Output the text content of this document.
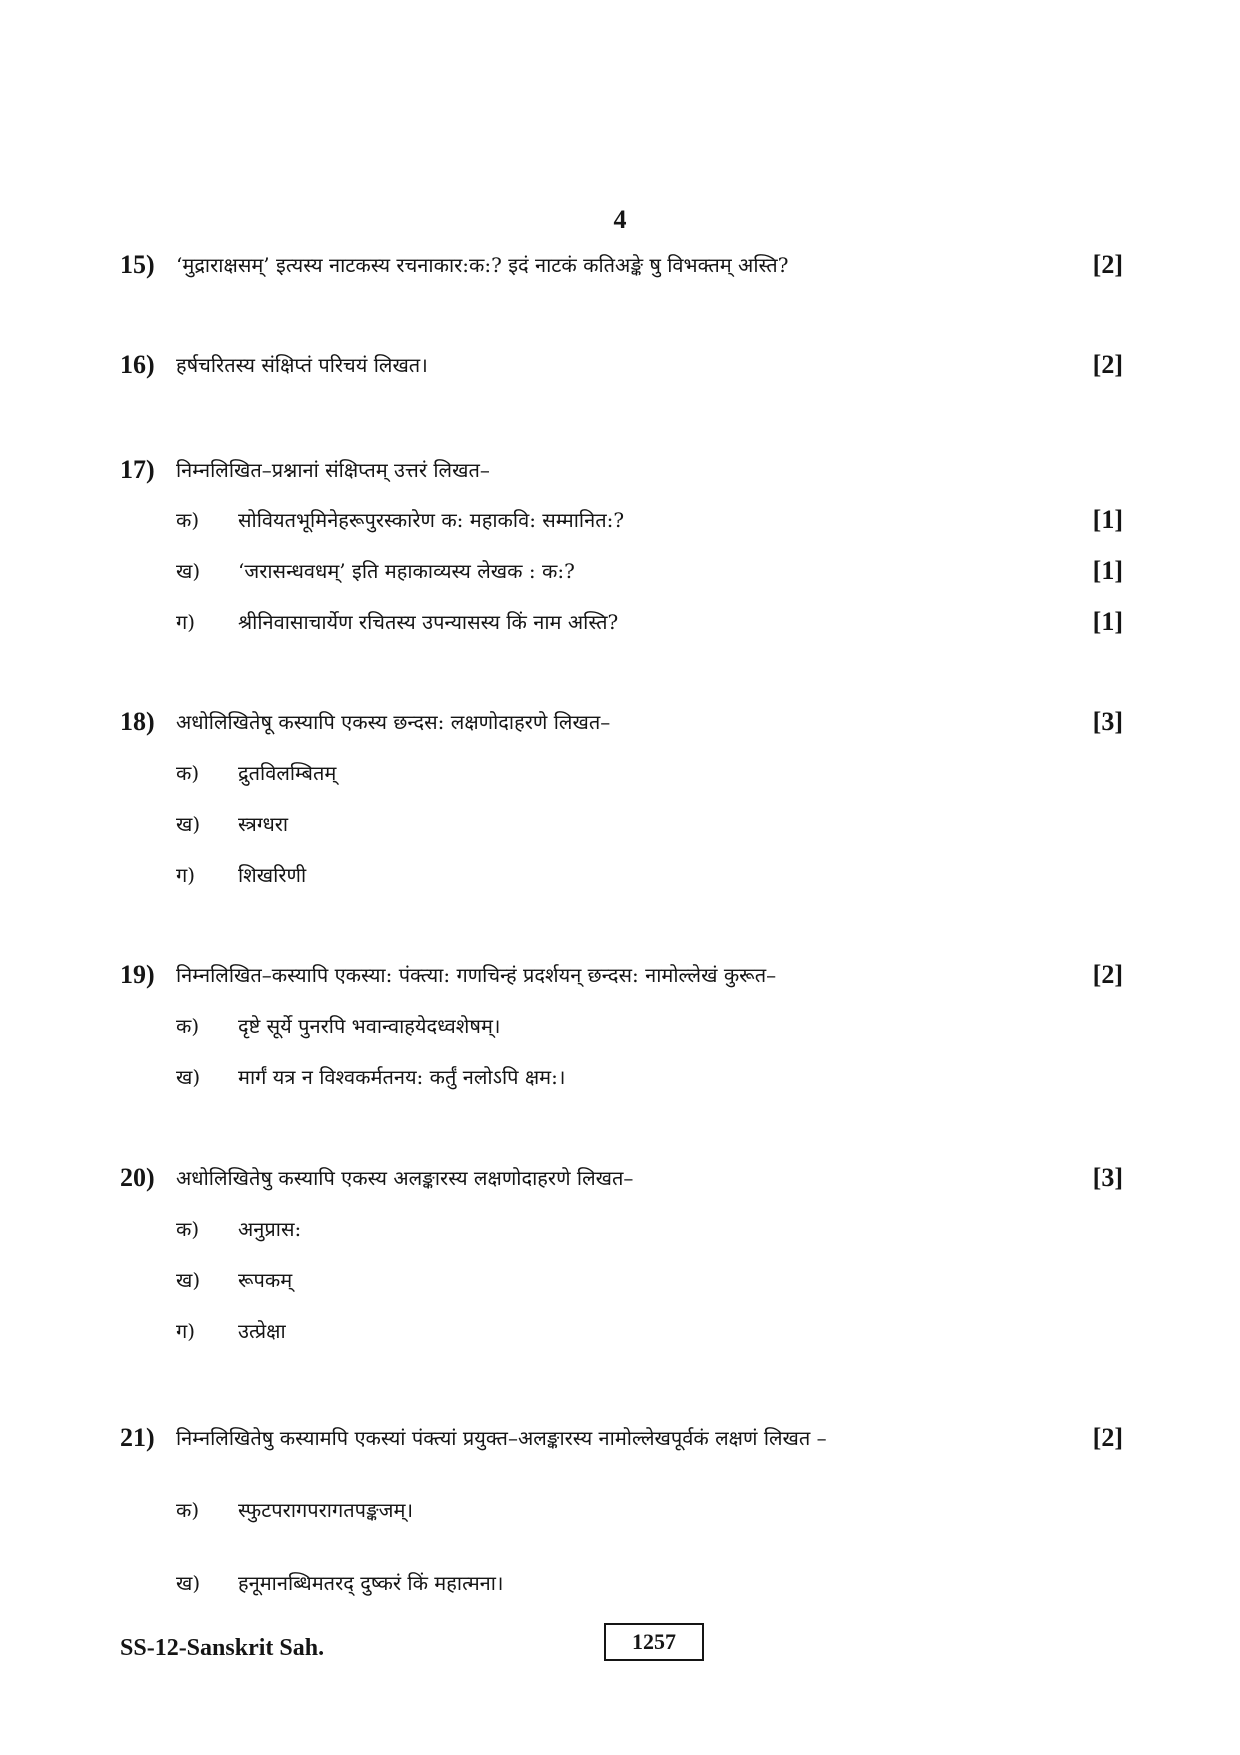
4
15) ‘मुद्राराक्षसम्’ इत्यस्य नाटकस्य रचनाकार:क:? इदं नाटकं कतिअङ्के षु विभक्तम् अस्ति?	[2]
16) हर्षचरितस्य संक्षिप्तं परिचयं लिखत।	[2]
17) निम्नलिखित–प्रश्नानां संक्षिप्तम् उत्तरं लिखत–
क) सोवियतभूमिनेहरूपुरस्कारेण क: महाकवि: सम्मानित:?	[1]
ख) ‘जरासन्धवधम्’ इति महाकाव्यस्य लेखक : क:?	[1]
ग) श्रीनिवासाचार्येण रचितस्य उपन्यासस्य किं नाम अस्ति?	[1]
18) अधोलिखितेषू कस्यापि एकस्य छन्दस: लक्षणोदाहरणे लिखत–	[3]
क) द्रुतविलम्बितम्
ख) स्त्रग्धरा
ग) शिखरिणी
19) निम्नलिखित–कस्यापि एकस्या: पंक्त्या: गणचिन्हं प्रदर्शयन् छन्दस: नामोल्लेखं कुरूत–	[2]
क) दृष्टे सूर्ये पुनरपि भवान्वाहयेदध्वशेषम्।
ख) मार्गं यत्र न विश्वकर्मतनय: कर्तुं नलोऽपि क्षम:।
20) अधोलिखितेषु कस्यापि एकस्य अलङ्कारस्य लक्षणोदाहरणे लिखत–	[3]
क) अनुप्रास:
ख) रूपकम्
ग) उत्प्रेक्षा
21) निम्नलिखितेषु कस्यामपि एकस्यां पंक्त्यां प्रयुक्त–अलङ्कारस्य नामोल्लेखपूर्वकं लक्षणं लिखत –	[2]
क) स्फुटपरागपरागतपङ्कजम्।
ख) हनूमानब्धिमतरद् दुष्करं किं महात्मना।
SS-12-Sanskrit Sah.	1257
